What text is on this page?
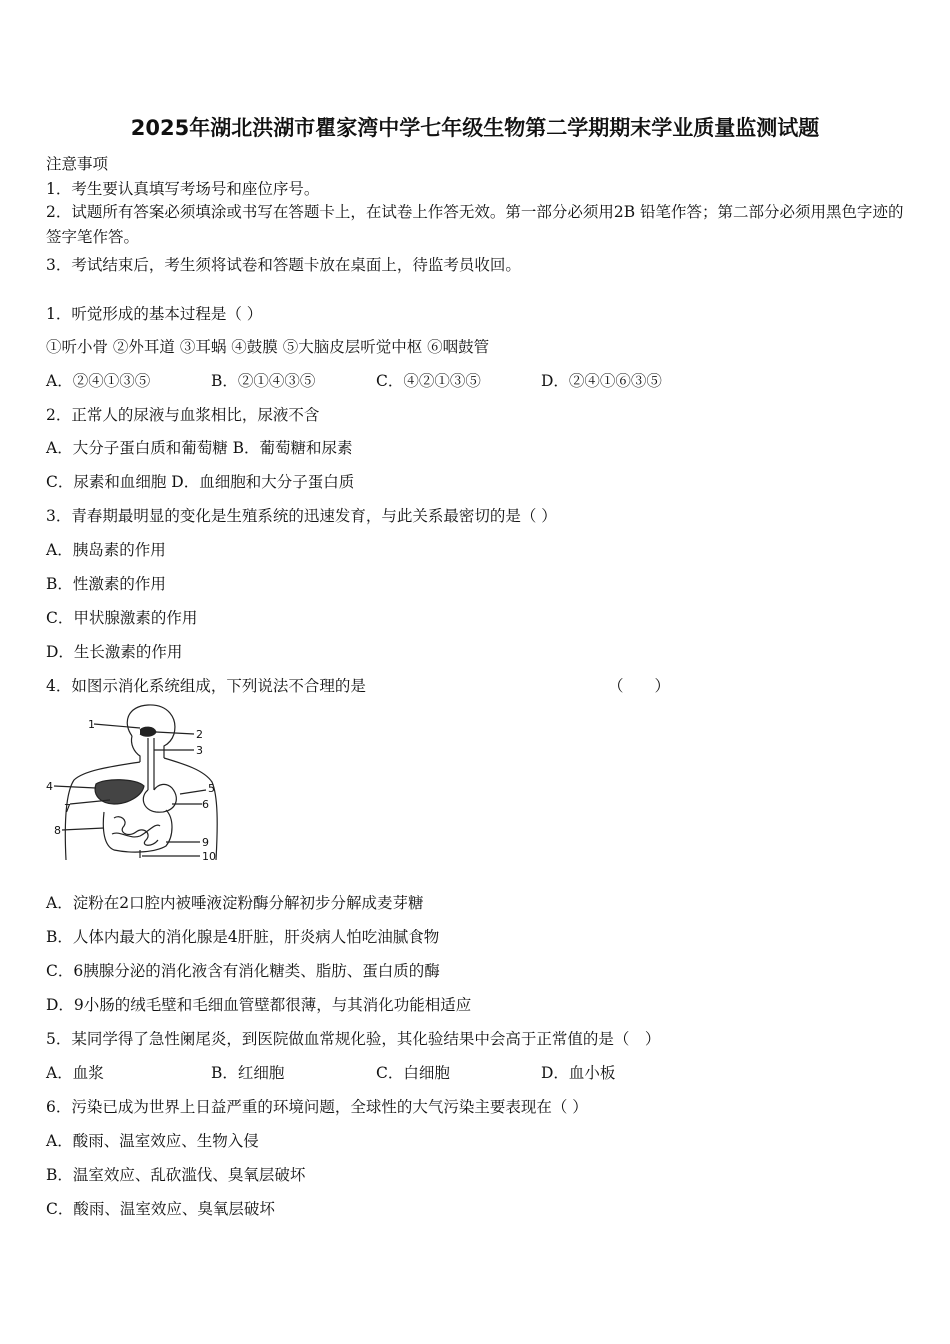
2025年湖北洪湖市瞿家湾中学七年级生物第二学期期末学业质量监测试题
注意事项
1．考生要认真填写考场号和座位序号。
2．试题所有答案必须填涂或书写在答题卡上，在试卷上作答无效。第一部分必须用2B 铅笔作答；第二部分必须用黑色字迹的签字笔作答。
3．考试结束后，考生须将试卷和答题卡放在桌面上，待监考员收回。
1．听觉形成的基本过程是（ ）
①听小骨 ②外耳道 ③耳蜗 ④鼓膜 ⑤大脑皮层听觉中枢 ⑥咽鼓管
A．②④①③⑤	B．②①④③⑤	C．④②①③⑤	D．②④①⑥③⑤
2．正常人的尿液与血浆相比，尿液不含
A．大分子蛋白质和葡萄糖 B．葡萄糖和尿素
C．尿素和血细胞 D．血细胞和大分子蛋白质
3．青春期最明显的变化是生殖系统的迅速发育，与此关系最密切的是（ ）
A．胰岛素的作用
B．性激素的作用
C．甲状腺激素的作用
D．生长激素的作用
4．如图示消化系统组成，下列说法不合理的是	（　　）
1
2
3
4	5
6
7
8
9
10
A．淀粉在2口腔内被唾液淀粉酶分解初步分解成麦芽糖
B．人体内最大的消化腺是4肝脏，肝炎病人怕吃油腻食物
C．6胰腺分泌的消化液含有消化糖类、脂肪、蛋白质的酶
D．9小肠的绒毛壁和毛细血管壁都很薄，与其消化功能相适应
5．某同学得了急性阑尾炎，到医院做血常规化验，其化验结果中会高于正常值的是（　）
A．血浆	B．红细胞	C．白细胞	D．血小板
6．污染已成为世界上日益严重的环境问题，全球性的大气污染主要表现在（ ）
A．酸雨、温室效应、生物入侵
B．温室效应、乱砍滥伐、臭氧层破坏
C．酸雨、温室效应、臭氧层破坏
